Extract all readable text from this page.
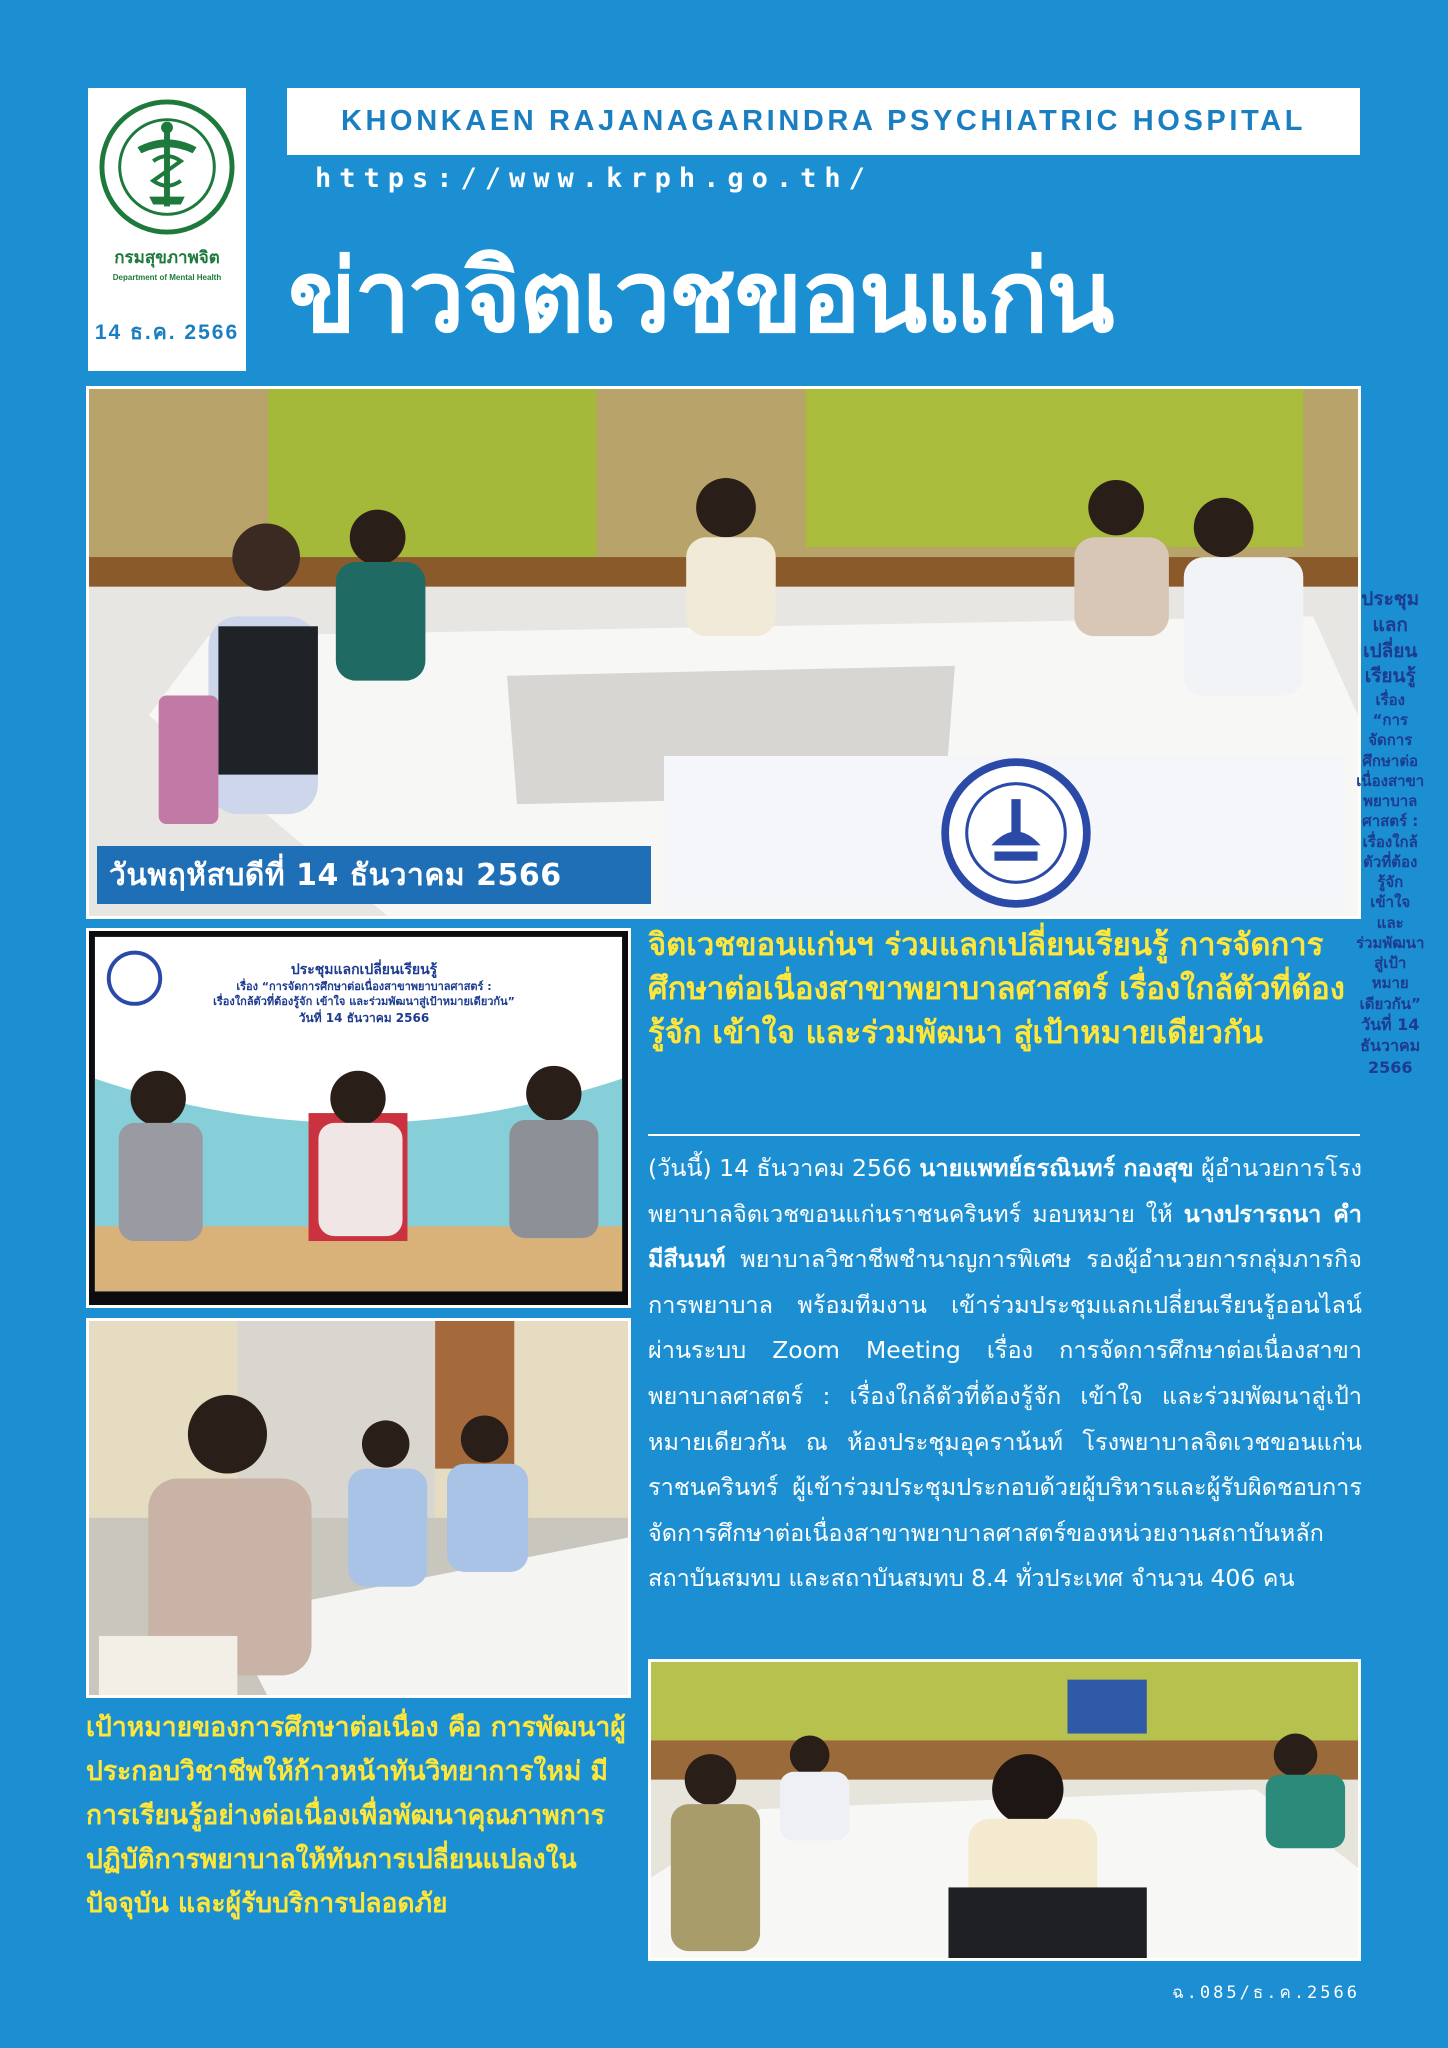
กรมสุขภาพจิต
Department of Mental Health
14 ธ.ค. 2566
KHONKAEN RAJANAGARINDRA PSYCHIATRIC HOSPITAL
https://www.krph.go.th/
ข่าวจิตเวชขอนแก่น
วันพฤหัสบดีที่ 14 ธันวาคม 2566
ประชุมแลกเปลี่ยนเรียนรู้
เรื่อง “การจัดการศึกษาต่อเนื่องสาขาพยาบาลศาสตร์ :
เรื่องใกล้ตัวที่ต้องรู้จัก เข้าใจ และร่วมพัฒนาสู่เป้าหมายเดียวกัน”
วันที่ 14 ธันวาคม 2566
ประชุมแลกเปลี่ยนเรียนรู้
เรื่อง “การจัดการศึกษาต่อเนื่องสาขาพยาบาลศาสตร์ :
เรื่องใกล้ตัวที่ต้องรู้จัก เข้าใจ และร่วมพัฒนาสู่เป้าหมายเดียวกัน”
วันที่ 14 ธันวาคม 2566
จิตเวชขอนแก่นฯ ร่วมแลกเปลี่ยนเรียนรู้ การจัดการศึกษาต่อเนื่องสาขาพยาบาลศาสตร์ เรื่องใกล้ตัวที่ต้องรู้จัก เข้าใจ และร่วมพัฒนา สู่เป้าหมายเดียวกัน
(วันนี้) 14 ธันวาคม 2566 นายแพทย์ธรณินทร์ กองสุข ผู้อำนวยการโรงพยาบาลจิตเวชขอนแก่นราชนครินทร์ มอบหมาย ให้ นางปรารถนา คำมีสีนนท์ พยาบาลวิชาชีพชำนาญการพิเศษ รองผู้อำนวยการกลุ่มภารกิจการพยาบาล พร้อมทีมงาน เข้าร่วมประชุมแลกเปลี่ยนเรียนรู้ออนไลน์ ผ่านระบบ Zoom Meeting เรื่อง การจัดการศึกษาต่อเนื่องสาขาพยาบาลศาสตร์ : เรื่องใกล้ตัวที่ต้องรู้จัก เข้าใจ และร่วมพัฒนาสู่เป้าหมายเดียวกัน ณ ห้องประชุมอุคราน้นท์ โรงพยาบาลจิตเวชขอนแก่นราชนครินทร์ ผู้เข้าร่วมประชุมประกอบด้วยผู้บริหารและผู้รับผิดชอบการจัดการศึกษาต่อเนื่องสาขาพยาบาลศาสตร์ของหน่วยงานสถาบันหลัก สถาบันสมทบ และสถาบันสมทบ 8.4 ทั่วประเทศ จำนวน 406 คน
เป้าหมายของการศึกษาต่อเนื่อง คือ การพัฒนาผู้ประกอบวิชาชีพให้ก้าวหน้าทันวิทยาการใหม่ มีการเรียนรู้อย่างต่อเนื่องเพื่อพัฒนาคุณภาพการปฏิบัติการพยาบาลให้ทันการเปลี่ยนแปลงในปัจจุบัน และผู้รับบริการปลอดภัย
ฉ.085/ธ.ค.2566
